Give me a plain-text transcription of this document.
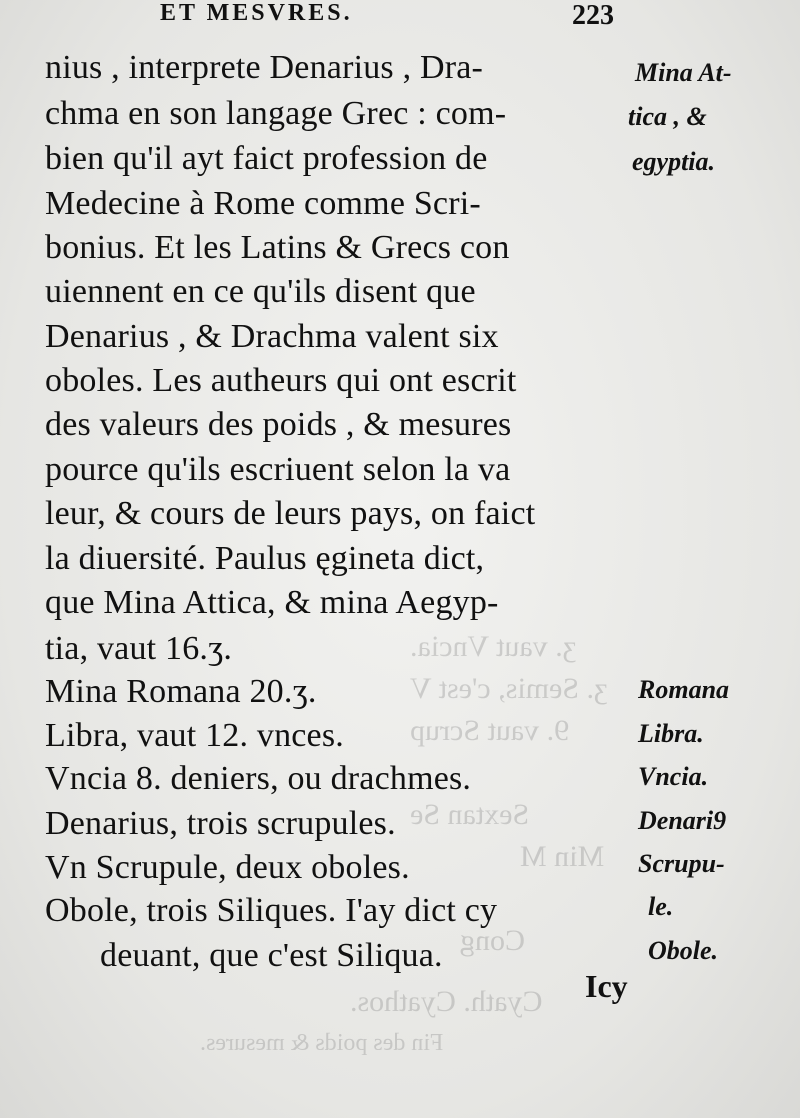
ʒ. vaut Vncia.
ʒ. Semis, c'est V
9. vaut Scrup
Sextan Se
Min M
Cong
Cyath. Cyathos.
Fin des poids & mesures.
ET MESVRES.	223
nius , interprete Denarius , Dra-
chma en son langage Grec : com-
bien qu'il ayt faict profession de
Medecine à Rome comme Scri-
bonius. Et les Latins & Grecs con
uiennent en ce qu'ils disent que
Denarius , & Drachma valent six
oboles. Les autheurs qui ont escrit
des valeurs des poids , & mesures
pource qu'ils escriuent selon la va
leur, & cours de leurs pays, on faict
la diuersité. Paulus ęgineta dict,
que Mina Attica, & mina Aegyp-
tia, vaut 16.ʒ.
Mina Romana 20.ʒ.
Libra, vaut 12. vnces.
Vncia 8. deniers, ou drachmes.
Denarius, trois scrupules.
Vn Scrupule, deux oboles.
Obole, trois Siliques. I'ay dict cy
deuant, que c'est Siliqua.
Mina At-
tica , &
egyptia.
Romana
Libra.
Vncia.
Denari9
Scrupu-
le.
Obole.
Icy
